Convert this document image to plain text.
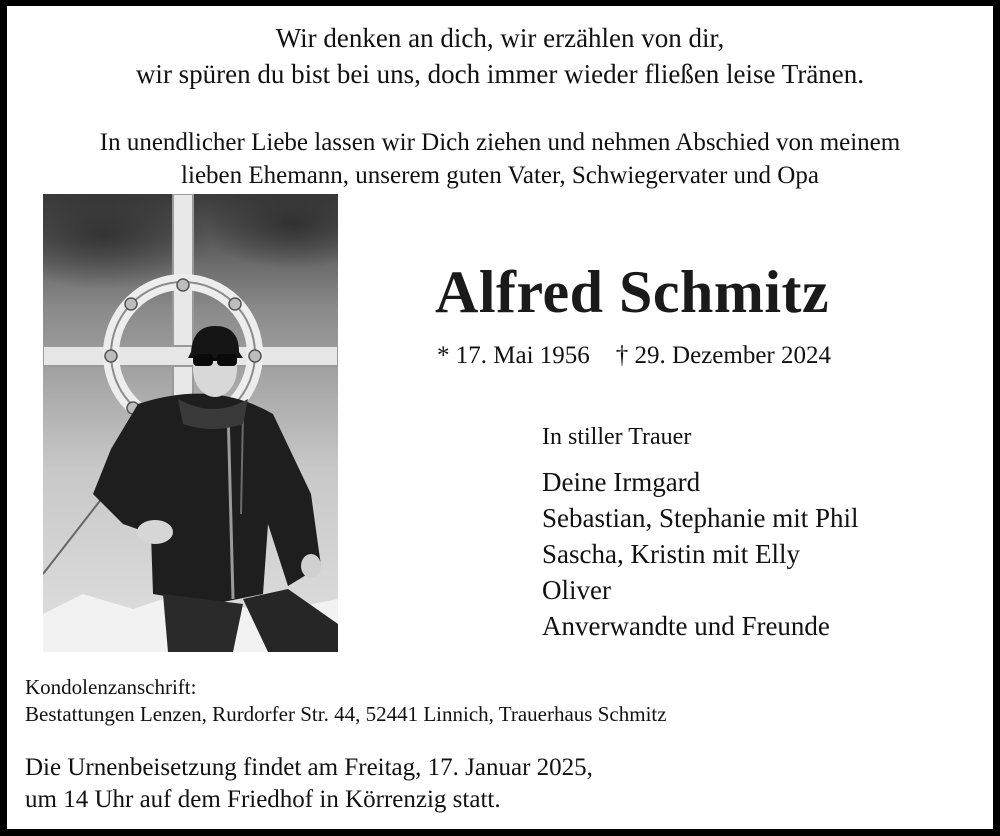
Wir denken an dich, wir erzählen von dir,
wir spüren du bist bei uns, doch immer wieder fließen leise Tränen.
In unendlicher Liebe lassen wir Dich ziehen und nehmen Abschied von meinem
lieben Ehemann, unserem guten Vater, Schwiegervater und Opa
Alfred Schmitz
* 17. Mai 1956 † 29. Dezember 2024
In stiller Trauer
Deine Irmgard
Sebastian, Stephanie mit Phil
Sascha, Kristin mit Elly
Oliver
Anverwandte und Freunde
Kondolenzanschrift:
Bestattungen Lenzen, Rurdorfer Str. 44, 52441 Linnich, Trauerhaus Schmitz
Die Urnenbeisetzung findet am Freitag, 17. Januar 2025,
um 14 Uhr auf dem Friedhof in Körrenzig statt.
